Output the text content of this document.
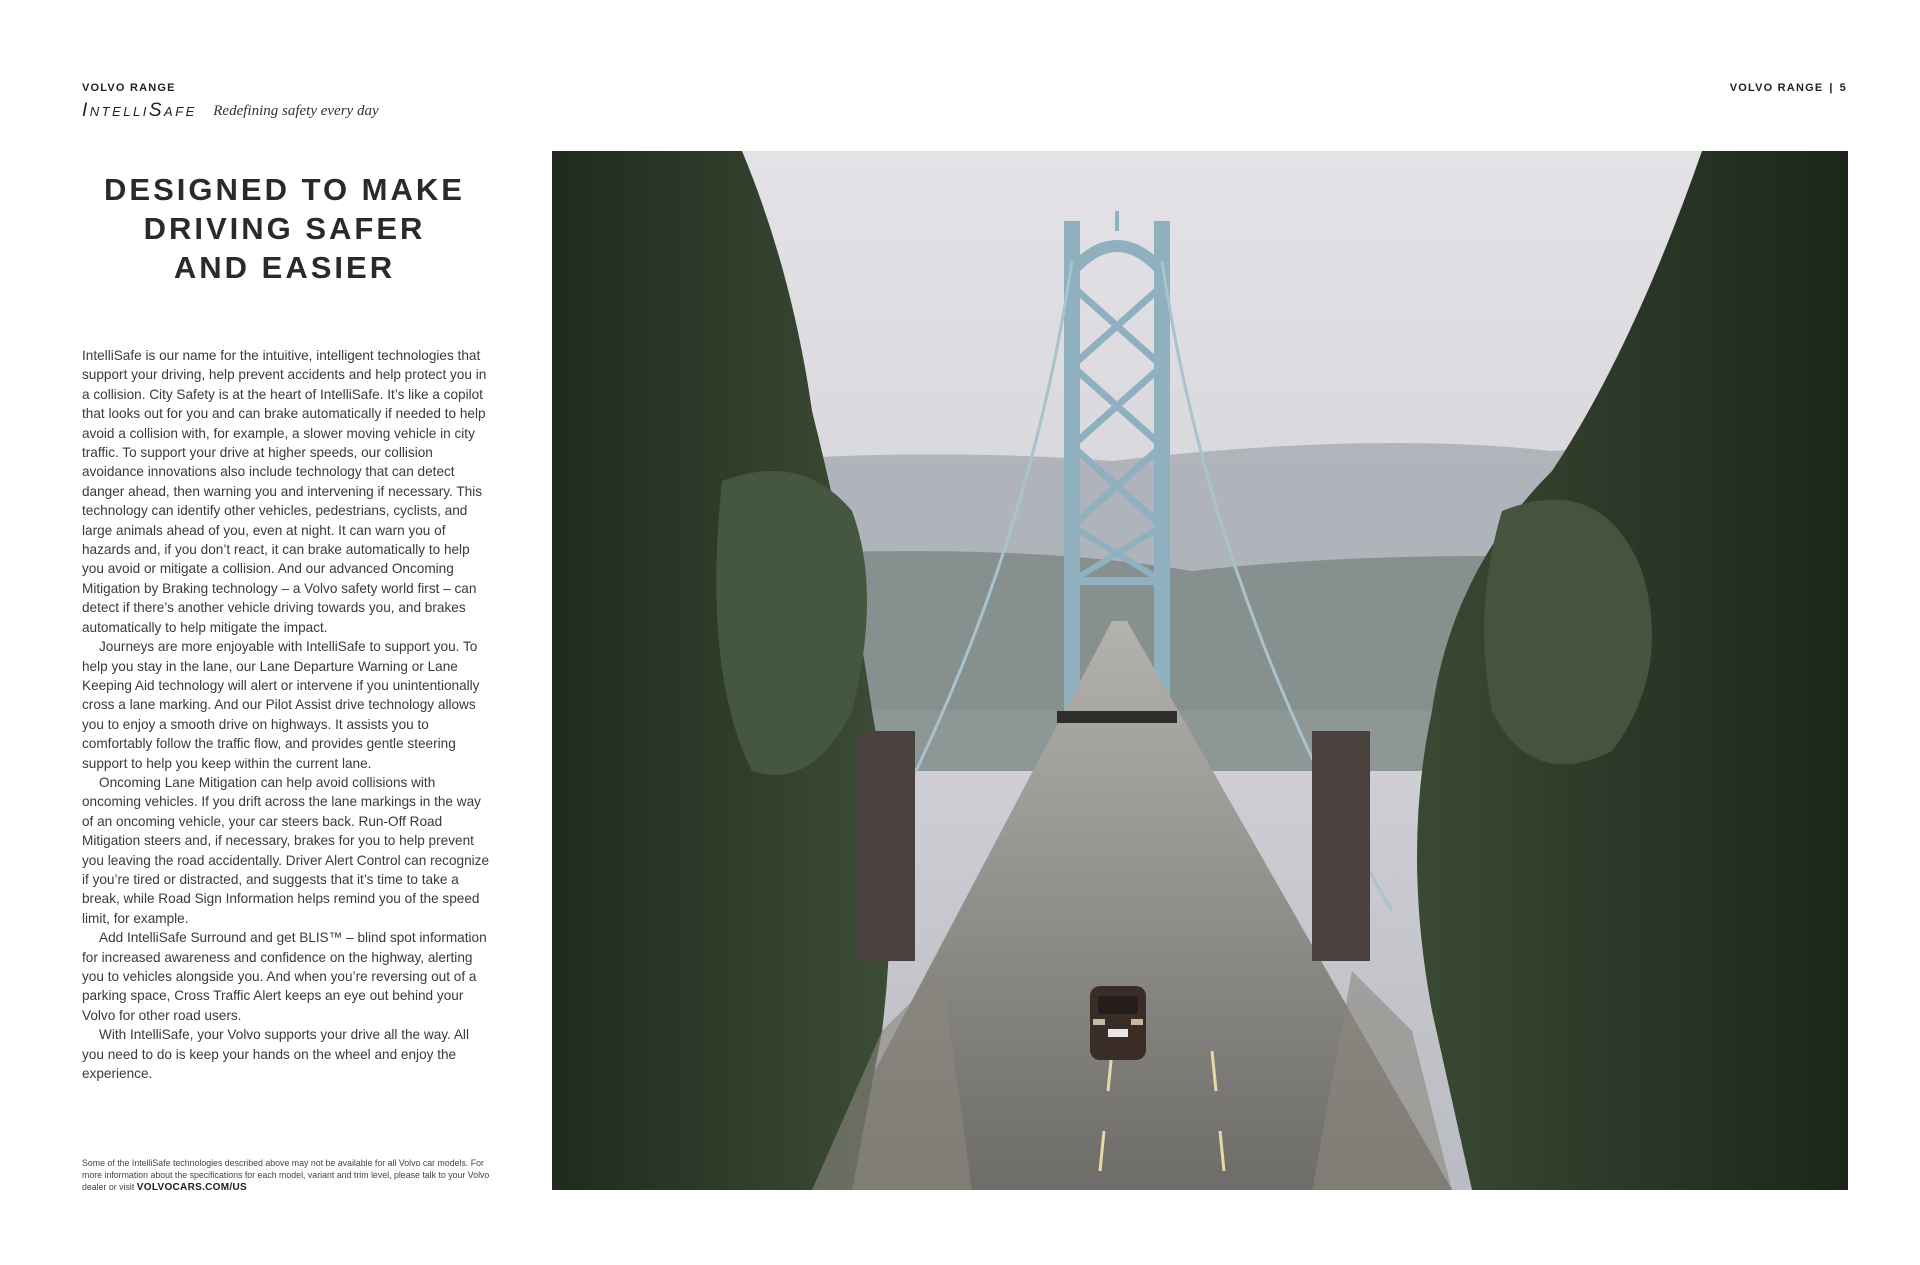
VOLVO RANGE
IntelliSafe Redefining safety every day
VOLVO RANGE | 5
DESIGNED TO MAKE
DRIVING SAFER
AND EASIER

IntelliSafe is our name for the intuitive, intelligent technologies that support your driving, help prevent accidents and help protect you in a collision. City Safety is at the heart of IntelliSafe. It’s like a copilot that looks out for you and can brake automatically if needed to help avoid a collision with, for example, a slower moving vehicle in city traffic. To support your drive at higher speeds, our collision avoidance innovations also include technology that can detect danger ahead, then warning you and intervening if necessary. This technology can identify other vehicles, pedestrians, cyclists, and large animals ahead of you, even at night. It can warn you of hazards and, if you don’t react, it can brake automatically to help you avoid or mitigate a collision. And our advanced Oncoming Mitigation by Braking technology – a Volvo safety world first – can detect if there’s another vehicle driving towards you, and brakes automatically to help mitigate the impact.

Journeys are more enjoyable with IntelliSafe to support you. To help you stay in the lane, our Lane Departure Warning or Lane Keeping Aid technology will alert or intervene if you unintentionally cross a lane marking. And our Pilot Assist drive technology allows you to enjoy a smooth drive on highways. It assists you to comfortably follow the traffic flow, and provides gentle steering support to help you keep within the current lane.

Oncoming Lane Mitigation can help avoid collisions with oncoming vehicles. If you drift across the lane markings in the way of an oncoming vehicle, your car steers back. Run-Off Road Mitigation steers and, if necessary, brakes for you to help prevent you leaving the road accidentally. Driver Alert Control can recognize if you’re tired or distracted, and suggests that it’s time to take a break, while Road Sign Information helps remind you of the speed limit, for example.

Add IntelliSafe Surround and get BLIS™ – blind spot information for increased awareness and confidence on the highway, alerting you to vehicles alongside you. And when you’re reversing out of a parking space, Cross Traffic Alert keeps an eye out behind your Volvo for other road users.

With IntelliSafe, your Volvo supports your drive all the way. All you need to do is keep your hands on the wheel and enjoy the experience.

Some of the IntelliSafe technologies described above may not be available for all Volvo car models. For more information about the specifications for each model, variant and trim level, please talk to your Volvo dealer or visit VOLVOCARS.COM/US
